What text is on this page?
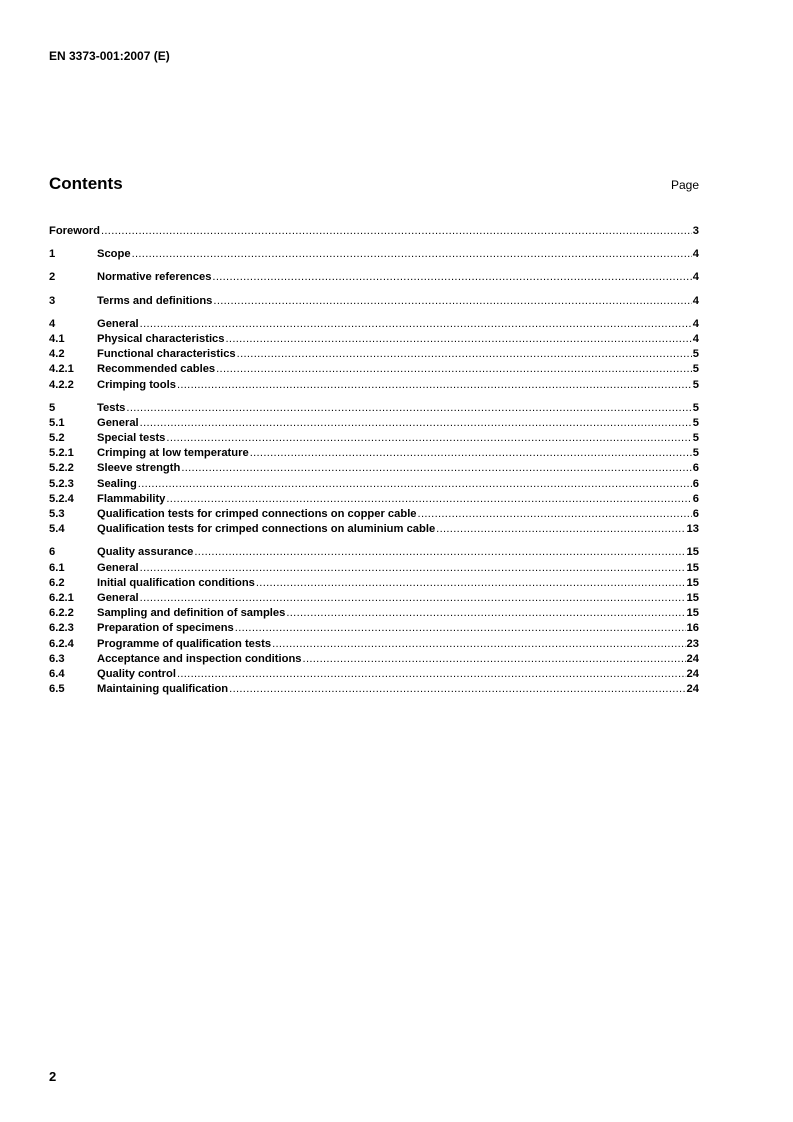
EN 3373-001:2007 (E)
Contents	Page
Foreword .....	3
1	Scope .....	4
2	Normative references .....	4
3	Terms and definitions .....	4
4	General .....	4
4.1	Physical characteristics .....	4
4.2	Functional characteristics .....	5
4.2.1	Recommended cables .....	5
4.2.2	Crimping tools .....	5
5	Tests .....	5
5.1	General .....	5
5.2	Special tests .....	5
5.2.1	Crimping at low temperature .....	5
5.2.2	Sleeve strength .....	6
5.2.3	Sealing .....	6
5.2.4	Flammability .....	6
5.3	Qualification tests for crimped connections on copper cable .....	6
5.4	Qualification tests for crimped connections on aluminium cable .....	13
6	Quality assurance .....	15
6.1	General .....	15
6.2	Initial qualification conditions .....	15
6.2.1	General .....	15
6.2.2	Sampling and definition of samples .....	15
6.2.3	Preparation of specimens .....	16
6.2.4	Programme of qualification tests .....	23
6.3	Acceptance and inspection conditions .....	24
6.4	Quality control .....	24
6.5	Maintaining qualification .....	24
2
